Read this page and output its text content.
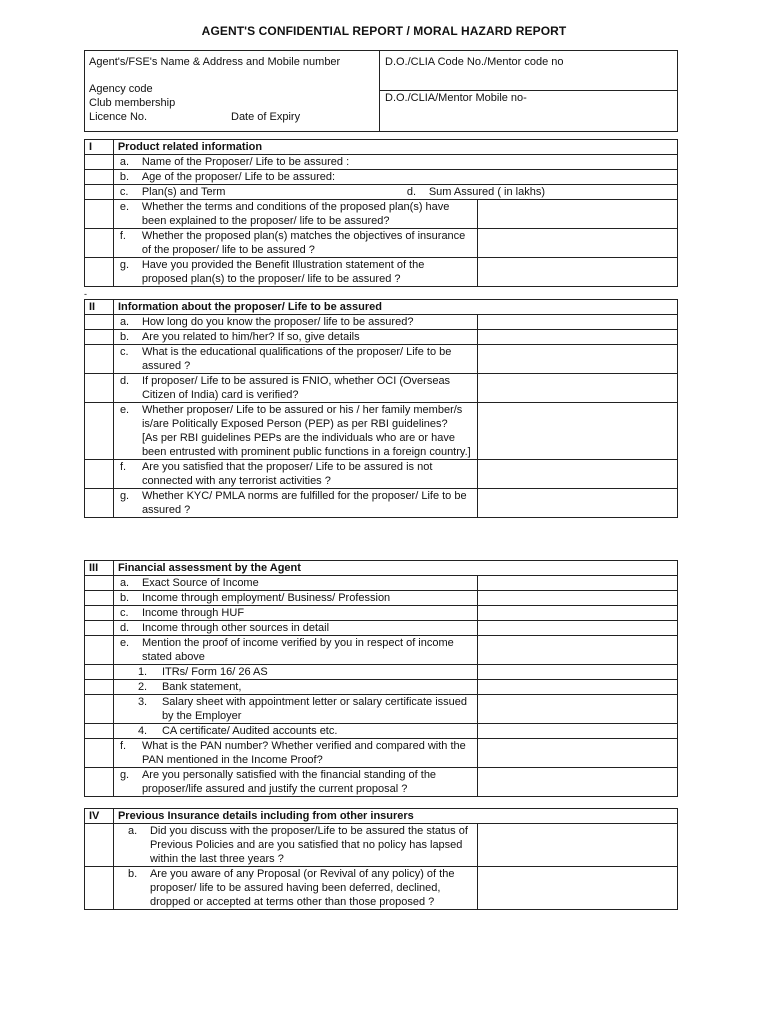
AGENT'S CONFIDENTIAL REPORT / MORAL HAZARD REPORT
Agent's/FSE's Name & Address and Mobile number
Agency code
Club membership
Licence No.	Date of Expiry

D.O./CLIA Code No./Mentor code no
D.O./CLIA/Mentor Mobile no-
I	Product related information	

	a. Name of the Proposer/ Life to be assured :	

	b. Age of the proposer/ Life to be assured:	

	c. Plan(s) and Term d. Sum Assured ( in lakhs)	

	e. Whether the terms and conditions of the proposed plan(s) have been explained to the proposer/ life to be assured?	

	f. Whether the proposed plan(s) matches the objectives of insurance of the proposer/ life to be assured ?	

	g. Have you provided the Benefit Illustration statement of the proposed plan(s) to the proposer/ life to be assured ?	

-
II	Information about the proposer/ Life to be assured	

	a. How long do you know the proposer/ life to be assured?	

	b. Are you related to him/her? If so, give details	

	c. What is the educational qualifications of the proposer/ Life to be assured ?	

	d. If proposer/ Life to be assured is FNIO, whether OCI (Overseas Citizen of India) card is verified?	

	e. Whether proposer/ Life to be assured or his / her family member/s is/are Politically Exposed Person (PEP) as per RBI guidelines?
[As per RBI guidelines PEPs are the individuals who are or have been entrusted with prominent public functions in a foreign country.]	

	f. Are you satisfied that the proposer/ Life to be assured is not connected with any terrorist activities ?	

	g. Whether KYC/ PMLA norms are fulfilled for the proposer/ Life to be assured ?	

III	Financial assessment by the Agent	

	a. Exact Source of Income	

	b. Income through employment/ Business/ Profession	

	c. Income through HUF	

	d. Income through other sources in detail	

	e. Mention the proof of income verified by you in respect of income stated above	

	1. ITRs/ Form 16/ 26 AS	

	2. Bank statement,	

	3. Salary sheet with appointment letter or salary certificate issued by the Employer	

	4. CA certificate/ Audited accounts etc.	

	f. What is the PAN number? Whether verified and compared with the PAN mentioned in the Income Proof?	

	g. Are you personally satisfied with the financial standing of the proposer/life assured and justify the current proposal ?	

IV	Previous Insurance details including from other insurers	

	a. Did you discuss with the proposer/Life to be assured the status of Previous Policies and are you satisfied that no policy has lapsed within the last three years ?	

	b. Are you aware of any Proposal (or Revival of any policy) of the proposer/ life to be assured having been deferred, declined, dropped or accepted at terms other than those proposed ?	
